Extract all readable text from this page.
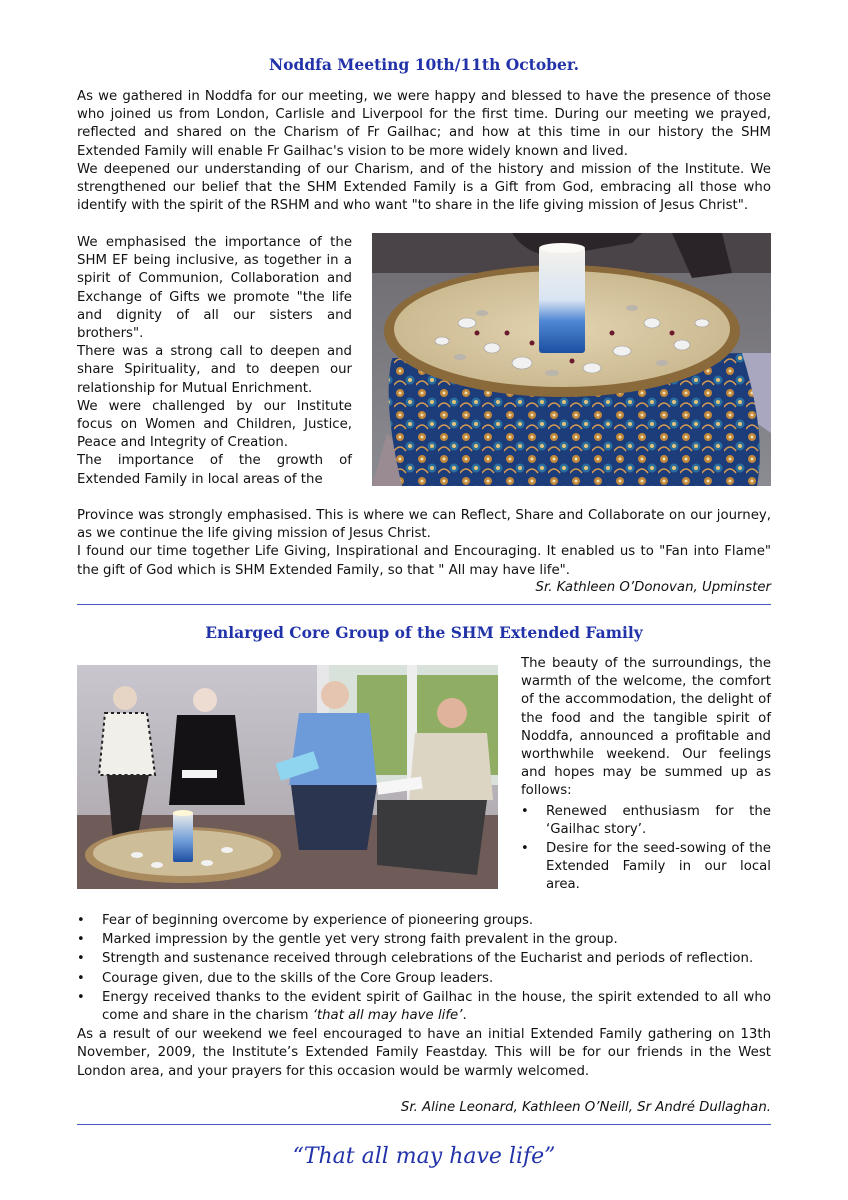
Noddfa Meeting 10th/11th October.

As we gathered in Noddfa for our meeting, we were happy and blessed to have the presence of those who joined us from London, Carlisle and Liverpool for the first time. During our meeting we prayed, reflected and shared on the Charism of Fr Gailhac; and how at this time in our history the SHM Extended Family will enable Fr Gailhac's vision to be more widely known and lived.

We deepened our understanding of our Charism, and of the history and mission of the Institute. We strengthened our belief that the SHM Extended Family is a Gift from God, embracing all those who identify with the spirit of the RSHM and who want "to share in the life giving mission of Jesus Christ".

We emphasised the importance of the SHM EF being inclusive, as together in a spirit of Communion, Collaboration and Exchange of Gifts we promote "the life and dignity of all our sisters and brothers".

There was a strong call to deepen and share Spirituality, and to deepen our relationship for Mutual Enrichment.

We were challenged by our Institute focus on Women and Children, Justice, Peace and Integrity of Creation.

The importance of the growth of Extended Family in local areas of the

Province was strongly emphasised. This is where we can Reflect, Share and Collaborate on our journey, as we continue the life giving mission of Jesus Christ.

I found our time together Life Giving, Inspirational and Encouraging. It enabled us to "Fan into Flame" the gift of God which is SHM Extended Family, so that " All may have life".

Sr. Kathleen O’Donovan, Upminster
Enlarged Core Group of the SHM Extended Family

The beauty of the surroundings, the warmth of the welcome, the comfort of the accommodation, the delight of the food and the tangible spirit of Noddfa, announced a profitable and worthwhile weekend. Our feelings and hopes may be summed up as follows:

• Renewed enthusiasm for the ‘Gailhac story’.
• Desire for the seed-sowing of the Extended Family in our local area.
• Fear of beginning overcome by experience of pioneering groups.
• Marked impression by the gentle yet very strong faith prevalent in the group.
• Strength and sustenance received through celebrations of the Eucharist and periods of reflection.
• Courage given, due to the skills of the Core Group leaders.
• Energy received thanks to the evident spirit of Gailhac in the house, the spirit extended to all who come and share in the charism ‘that all may have life’.

As a result of our weekend we feel encouraged to have an initial Extended Family gathering on 13th November, 2009, the Institute’s Extended Family Feastday. This will be for our friends in the West London area, and your prayers for this occasion would be warmly welcomed.

Sr. Aline Leonard, Kathleen O’Neill, Sr André Dullaghan.
“That all may have life”
